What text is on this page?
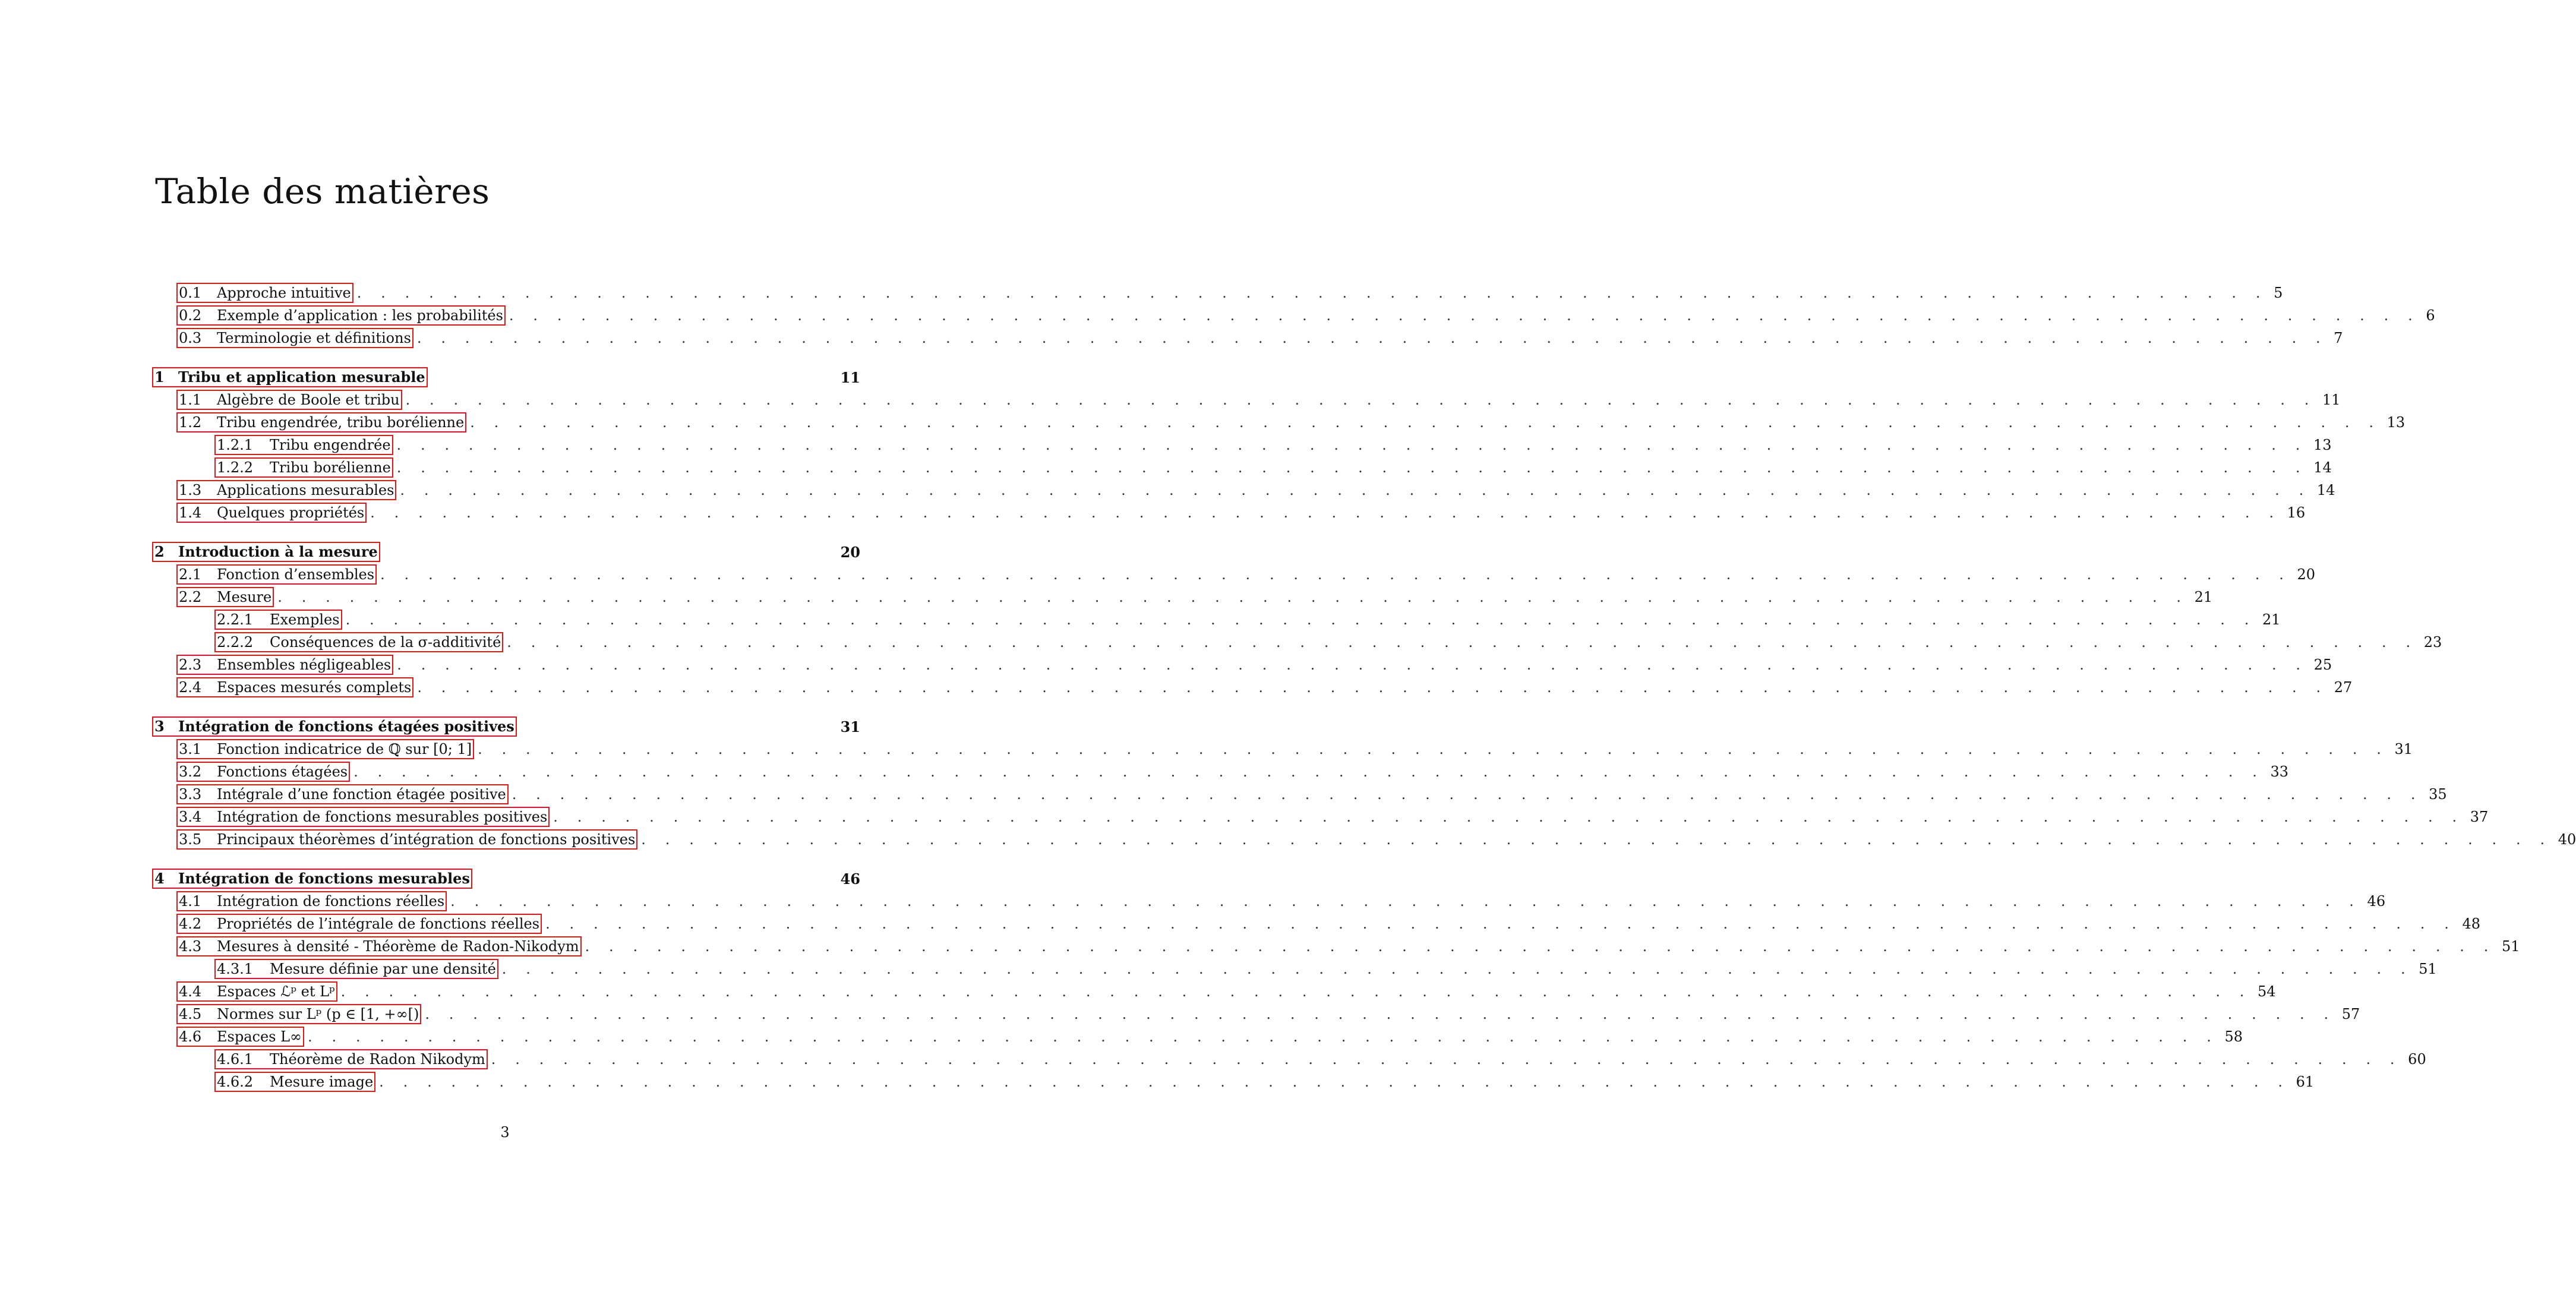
Table des matières
0.1	Approche intuitive . . . . . . . . . . . . . . . . . . . . . . . . . . . . . . . . . . . . . . . . . . . . . . . . . . . . . . . . . . . . . . . . . . . . . . . . . . . . . . . . 5
0.2	Exemple d’application : les probabilités . . . . . . . . . . . . . . . . . . . . . . . . . . . . . . . . . . . . . . . . . . . . . . . . . . . . . . . . . . . . . . . . . . . . . . . . . . . . . . . . 6
0.3	Terminologie et définitions . . . . . . . . . . . . . . . . . . . . . . . . . . . . . . . . . . . . . . . . . . . . . . . . . . . . . . . . . . . . . . . . . . . . . . . . . . . . . . . . 7
1 Tribu et application mesurable	11
1.1	Algèbre de Boole et tribu . . . . . . . . . . . . . . . . . . . . . . . . . . . . . . . . . . . . . . . . . . . . . . . . . . . . . . . . . . . . . . . . . . . . . . . . . . . . . . . . 11
1.2	Tribu engendrée, tribu borélienne . . . . . . . . . . . . . . . . . . . . . . . . . . . . . . . . . . . . . . . . . . . . . . . . . . . . . . . . . . . . . . . . . . . . . . . . . . . . . . . . 13
1.2.1	Tribu engendrée . . . . . . . . . . . . . . . . . . . . . . . . . . . . . . . . . . . . . . . . . . . . . . . . . . . . . . . . . . . . . . . . . . . . . . . . . . . . . . . . 13
1.2.2	Tribu borélienne . . . . . . . . . . . . . . . . . . . . . . . . . . . . . . . . . . . . . . . . . . . . . . . . . . . . . . . . . . . . . . . . . . . . . . . . . . . . . . . . 14
1.3	Applications mesurables . . . . . . . . . . . . . . . . . . . . . . . . . . . . . . . . . . . . . . . . . . . . . . . . . . . . . . . . . . . . . . . . . . . . . . . . . . . . . . . . 14
1.4	Quelques propriétés . . . . . . . . . . . . . . . . . . . . . . . . . . . . . . . . . . . . . . . . . . . . . . . . . . . . . . . . . . . . . . . . . . . . . . . . . . . . . . . . 16
2 Introduction à la mesure	20
2.1	Fonction d’ensembles . . . . . . . . . . . . . . . . . . . . . . . . . . . . . . . . . . . . . . . . . . . . . . . . . . . . . . . . . . . . . . . . . . . . . . . . . . . . . . . . 20
2.2	Mesure . . . . . . . . . . . . . . . . . . . . . . . . . . . . . . . . . . . . . . . . . . . . . . . . . . . . . . . . . . . . . . . . . . . . . . . . . . . . . . . . 21
2.2.1	Exemples . . . . . . . . . . . . . . . . . . . . . . . . . . . . . . . . . . . . . . . . . . . . . . . . . . . . . . . . . . . . . . . . . . . . . . . . . . . . . . . . 21
2.2.2	Conséquences de la σ-additivité . . . . . . . . . . . . . . . . . . . . . . . . . . . . . . . . . . . . . . . . . . . . . . . . . . . . . . . . . . . . . . . . . . . . . . . . . . . . . . . . 23
2.3	Ensembles négligeables . . . . . . . . . . . . . . . . . . . . . . . . . . . . . . . . . . . . . . . . . . . . . . . . . . . . . . . . . . . . . . . . . . . . . . . . . . . . . . . . 25
2.4	Espaces mesurés complets . . . . . . . . . . . . . . . . . . . . . . . . . . . . . . . . . . . . . . . . . . . . . . . . . . . . . . . . . . . . . . . . . . . . . . . . . . . . . . . . 27
3 Intégration de fonctions étagées positives	31
3.1	Fonction indicatrice de ℚ sur [0; 1] . . . . . . . . . . . . . . . . . . . . . . . . . . . . . . . . . . . . . . . . . . . . . . . . . . . . . . . . . . . . . . . . . . . . . . . . . . . . . . . . 31
3.2	Fonctions étagées . . . . . . . . . . . . . . . . . . . . . . . . . . . . . . . . . . . . . . . . . . . . . . . . . . . . . . . . . . . . . . . . . . . . . . . . . . . . . . . . 33
3.3	Intégrale d’une fonction étagée positive . . . . . . . . . . . . . . . . . . . . . . . . . . . . . . . . . . . . . . . . . . . . . . . . . . . . . . . . . . . . . . . . . . . . . . . . . . . . . . . . 35
3.4	Intégration de fonctions mesurables positives . . . . . . . . . . . . . . . . . . . . . . . . . . . . . . . . . . . . . . . . . . . . . . . . . . . . . . . . . . . . . . . . . . . . . . . . . . . . . . . . 37
3.5	Principaux théorèmes d’intégration de fonctions positives . . . . . . . . . . . . . . . . . . . . . . . . . . . . . . . . . . . . . . . . . . . . . . . . . . . . . . . . . . . . . . . . . . . . . . . . . . . . . . . . 40
4 Intégration de fonctions mesurables	46
4.1	Intégration de fonctions réelles . . . . . . . . . . . . . . . . . . . . . . . . . . . . . . . . . . . . . . . . . . . . . . . . . . . . . . . . . . . . . . . . . . . . . . . . . . . . . . . . 46
4.2	Propriétés de l’intégrale de fonctions réelles . . . . . . . . . . . . . . . . . . . . . . . . . . . . . . . . . . . . . . . . . . . . . . . . . . . . . . . . . . . . . . . . . . . . . . . . . . . . . . . . 48
4.3	Mesures à densité - Théorème de Radon-Nikodym . . . . . . . . . . . . . . . . . . . . . . . . . . . . . . . . . . . . . . . . . . . . . . . . . . . . . . . . . . . . . . . . . . . . . . . . . . . . . . . . 51
4.3.1	Mesure définie par une densité . . . . . . . . . . . . . . . . . . . . . . . . . . . . . . . . . . . . . . . . . . . . . . . . . . . . . . . . . . . . . . . . . . . . . . . . . . . . . . . . 51
4.4	Espaces ℒᵖ et Lᵖ . . . . . . . . . . . . . . . . . . . . . . . . . . . . . . . . . . . . . . . . . . . . . . . . . . . . . . . . . . . . . . . . . . . . . . . . . . . . . . . . 54
4.5	Normes sur Lᵖ (p ∈ [1, +∞[) . . . . . . . . . . . . . . . . . . . . . . . . . . . . . . . . . . . . . . . . . . . . . . . . . . . . . . . . . . . . . . . . . . . . . . . . . . . . . . . . 57
4.6	Espaces L∞ . . . . . . . . . . . . . . . . . . . . . . . . . . . . . . . . . . . . . . . . . . . . . . . . . . . . . . . . . . . . . . . . . . . . . . . . . . . . . . . . 58
4.6.1	Théorème de Radon Nikodym . . . . . . . . . . . . . . . . . . . . . . . . . . . . . . . . . . . . . . . . . . . . . . . . . . . . . . . . . . . . . . . . . . . . . . . . . . . . . . . . 60
4.6.2	Mesure image . . . . . . . . . . . . . . . . . . . . . . . . . . . . . . . . . . . . . . . . . . . . . . . . . . . . . . . . . . . . . . . . . . . . . . . . . . . . . . . . 61
3
